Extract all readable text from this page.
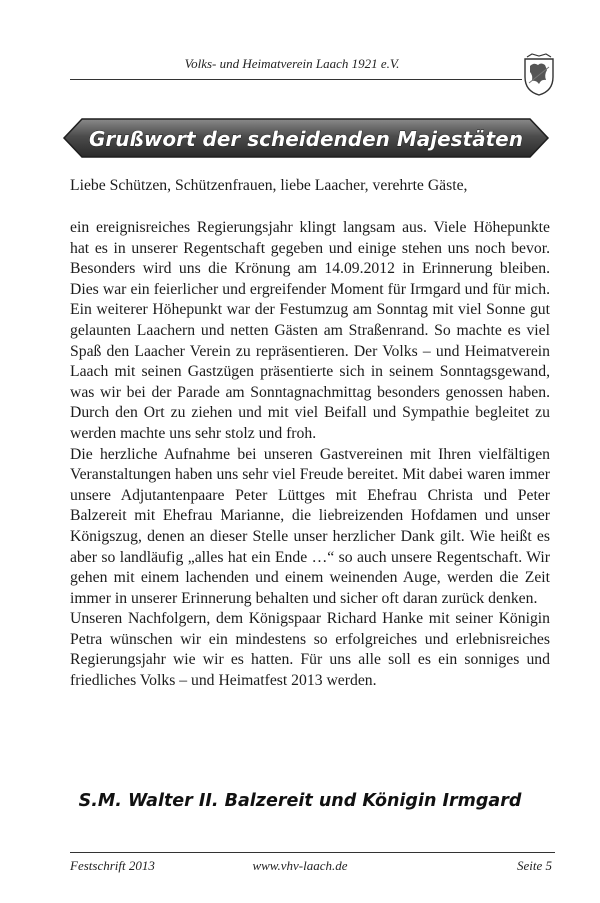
Volks- und Heimatverein Laach 1921 e.V.
Grußwort der scheidenden Majestäten

Liebe Schützen, Schützenfrauen, liebe Laacher, verehrte Gäste,

ein ereignisreiches Regierungsjahr klingt langsam aus. Viele Höhepunkte hat es in unserer Regentschaft gegeben und einige stehen uns noch bevor. Besonders wird uns die Krönung am 14.09.2012 in Erinnerung bleiben. Dies war ein feierlicher und ergreifender Moment für Irmgard und für mich. Ein weiterer Höhepunkt war der Festumzug am Sonntag mit viel Sonne gut gelaunten Laachern und netten Gästen am Straßenrand. So machte es viel Spaß den Laacher Verein zu repräsentieren. Der Volks – und Heimatverein Laach mit seinen Gastzügen präsentierte sich in seinem Sonntagsgewand, was wir bei der Parade am Sonntagnachmittag besonders genossen haben. Durch den Ort zu ziehen und mit viel Beifall und Sympathie begleitet zu werden machte uns sehr stolz und froh.

Die herzliche Aufnahme bei unseren Gastvereinen mit Ihren vielfältigen Veranstaltungen haben uns sehr viel Freude bereitet. Mit dabei waren immer unsere Adjutantenpaare Peter Lüttges mit Ehefrau Christa und Peter Balzereit mit Ehefrau Marianne, die liebreizenden Hofdamen und unser Königszug, denen an dieser Stelle unser herzlicher Dank gilt. Wie heißt es aber so landläufig „alles hat ein Ende …“ so auch unsere Regentschaft. Wir gehen mit einem lachenden und einem weinenden Auge, werden die Zeit immer in unserer Erinnerung behalten und sicher oft daran zurück denken.

Unseren Nachfolgern, dem Königspaar Richard Hanke mit seiner Königin Petra wünschen wir ein mindestens so erfolgreiches und erlebnisreiches Regierungsjahr wie wir es hatten. Für uns alle soll es ein sonniges und friedliches Volks – und Heimatfest 2013 werden.

S.M. Walter II. Balzereit und Königin Irmgard
Festschrift 2013	www.vhv-laach.de	Seite 5
